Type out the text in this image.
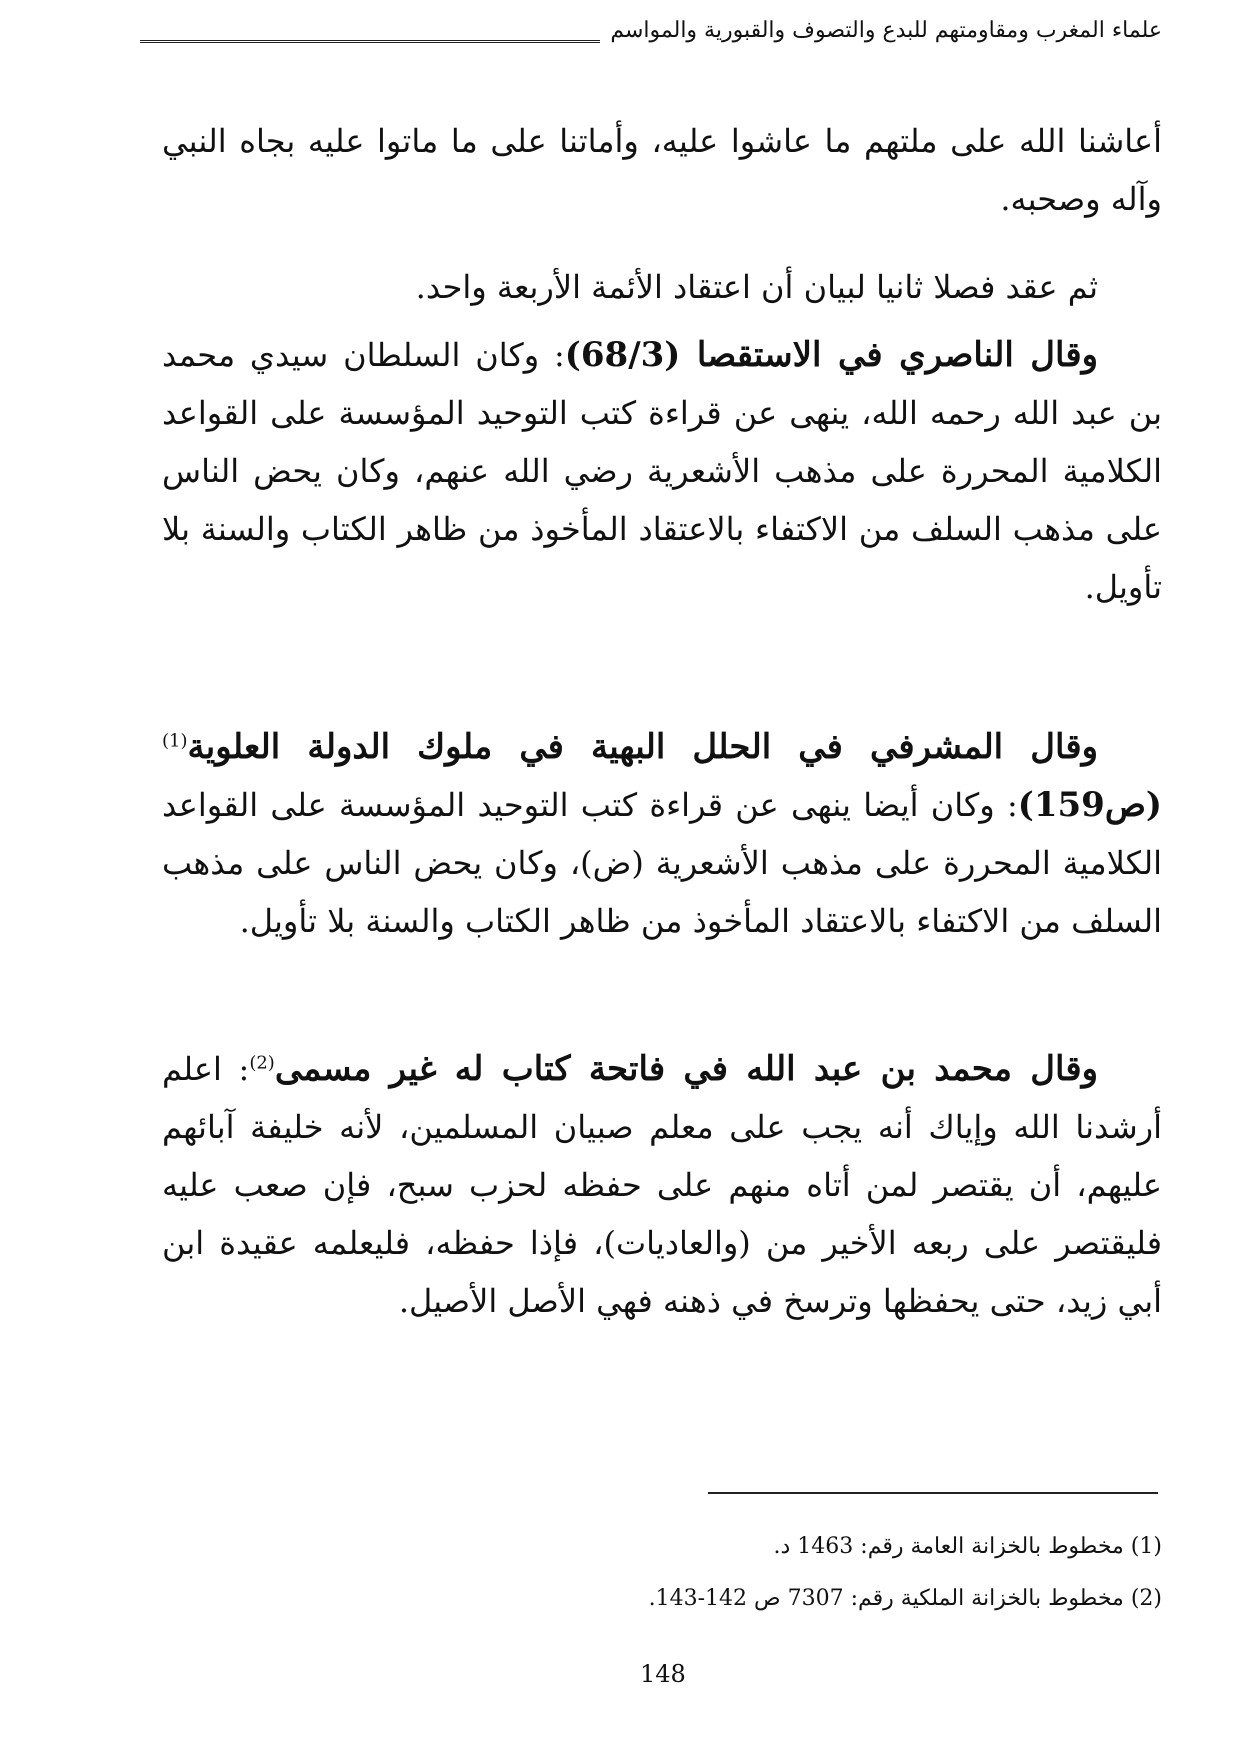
علماء المغرب ومقاومتهم للبدع والتصوف والقبورية والمواسم

أعاشنا الله على ملتهم ما عاشوا عليه، وأماتنا على ما ماتوا عليه بجاه النبي وآله وصحبه.

ثم عقد فصلا ثانيا لبيان أن اعتقاد الأئمة الأربعة واحد.

وقال الناصري في الاستقصا (68/3): وكان السلطان سيدي محمد بن عبد الله رحمه الله، ينهى عن قراءة كتب التوحيد المؤسسة على القواعد الكلامية المحررة على مذهب الأشعرية رضي الله عنهم، وكان يحض الناس على مذهب السلف من الاكتفاء بالاعتقاد المأخوذ من ظاهر الكتاب والسنة بلا تأويل.

وقال المشرفي في الحلل البهية في ملوك الدولة العلوية$^{(1)}$ (ص159): وكان أيضا ينهى عن قراءة كتب التوحيد المؤسسة على القواعد الكلامية المحررة على مذهب الأشعرية (ض)، وكان يحض الناس على مذهب السلف من الاكتفاء بالاعتقاد المأخوذ من ظاهر الكتاب والسنة بلا تأويل.

وقال محمد بن عبد الله في فاتحة كتاب له غير مسمى$^{(2)}$: اعلم أرشدنا الله وإياك أنه يجب على معلم صبيان المسلمين، لأنه خليفة آبائهم عليهم، أن يقتصر لمن أتاه منهم على حفظه لحزب سبح، فإن صعب عليه فليقتصر على ربعه الأخير من (والعاديات)، فإذا حفظه، فليعلمه عقيدة ابن أبي زيد، حتى يحفظها وترسخ في ذهنه فهي الأصل الأصيل.

(1) مخطوط بالخزانة العامة رقم: 1463 د.
(2) مخطوط بالخزانة الملكية رقم: 7307 ص 142-143.
148
